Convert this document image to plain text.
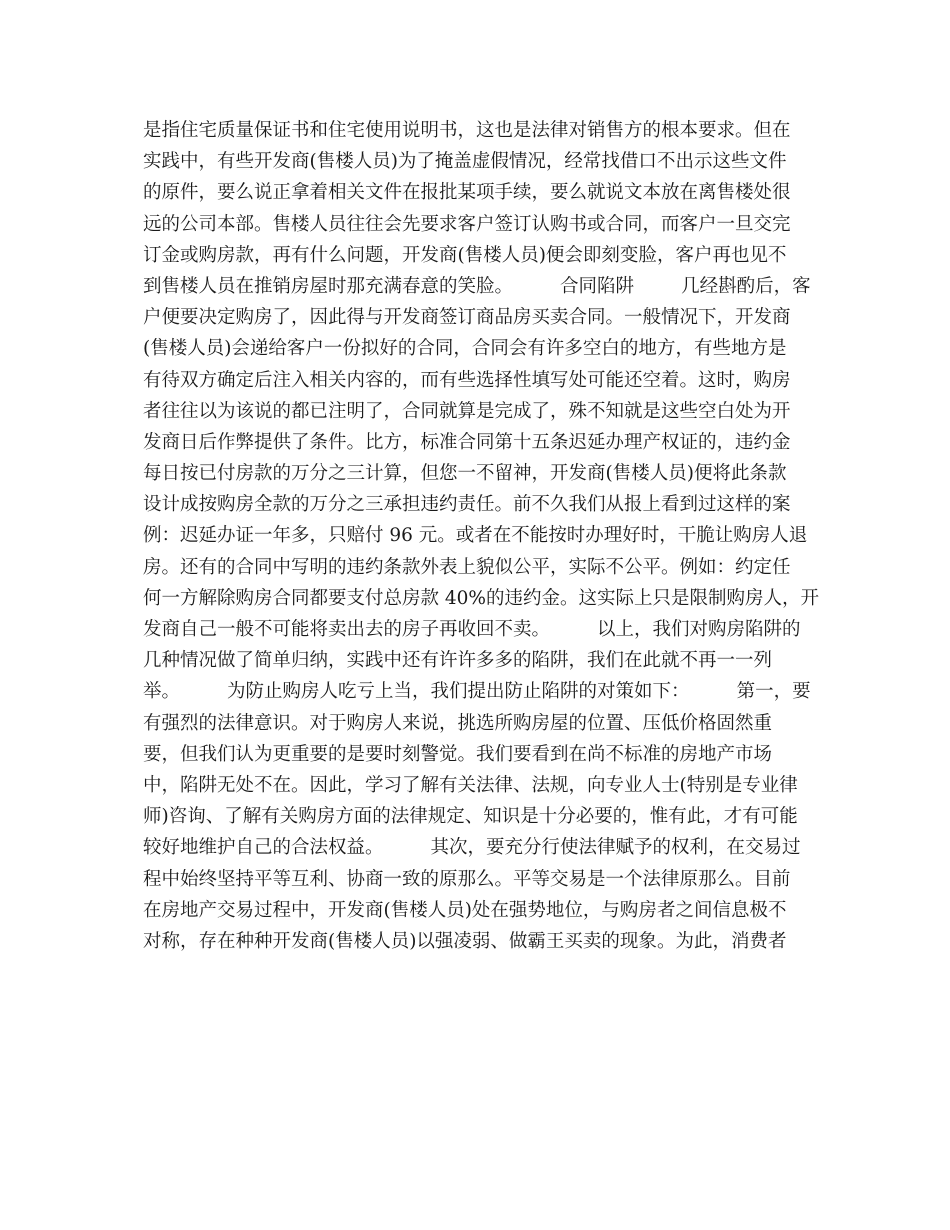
是指住宅质量保证书和住宅使用说明书，这也是法律对销售方的根本要求。但在
实践中，有些开发商(售楼人员)为了掩盖虚假情况，经常找借口不出示这些文件
的原件，要么说正拿着相关文件在报批某项手续，要么就说文本放在离售楼处很
远的公司本部。售楼人员往往会先要求客户签订认购书或合同，而客户一旦交完
订金或购房款，再有什么问题，开发商(售楼人员)便会即刻变脸，客户再也见不
到售楼人员在推销房屋时那充满春意的笑脸。        合同陷阱        几经斟酌后，客
户便要决定购房了，因此得与开发商签订商品房买卖合同。一般情况下，开发商
(售楼人员)会递给客户一份拟好的合同，合同会有许多空白的地方，有些地方是
有待双方确定后注入相关内容的，而有些选择性填写处可能还空着。这时，购房
者往往以为该说的都已注明了，合同就算是完成了，殊不知就是这些空白处为开
发商日后作弊提供了条件。比方，标准合同第十五条迟延办理产权证的，违约金
每日按已付房款的万分之三计算，但您一不留神，开发商(售楼人员)便将此条款
设计成按购房全款的万分之三承担违约责任。前不久我们从报上看到过这样的案
例：迟延办证一年多，只赔付 96 元。或者在不能按时办理好时，干脆让购房人退
房。还有的合同中写明的违约条款外表上貌似公平，实际不公平。例如：约定任
何一方解除购房合同都要支付总房款 40%的违约金。这实际上只是限制购房人，开
发商自己一般不可能将卖出去的房子再收回不卖。        以上，我们对购房陷阱的
几种情况做了简单归纳，实践中还有许许多多的陷阱，我们在此就不再一一列
举。        为防止购房人吃亏上当，我们提出防止陷阱的对策如下：        第一，要
有强烈的法律意识。对于购房人来说，挑选所购房屋的位置、压低价格固然重
要，但我们认为更重要的是要时刻警觉。我们要看到在尚不标准的房地产市场
中，陷阱无处不在。因此，学习了解有关法律、法规，向专业人士(特别是专业律
师)咨询、了解有关购房方面的法律规定、知识是十分必要的，惟有此，才有可能
较好地维护自己的合法权益。        其次，要充分行使法律赋予的权利，在交易过
程中始终坚持平等互利、协商一致的原那么。平等交易是一个法律原那么。目前
在房地产交易过程中，开发商(售楼人员)处在强势地位，与购房者之间信息极不
对称，存在种种开发商(售楼人员)以强凌弱、做霸王买卖的现象。为此，消费者
